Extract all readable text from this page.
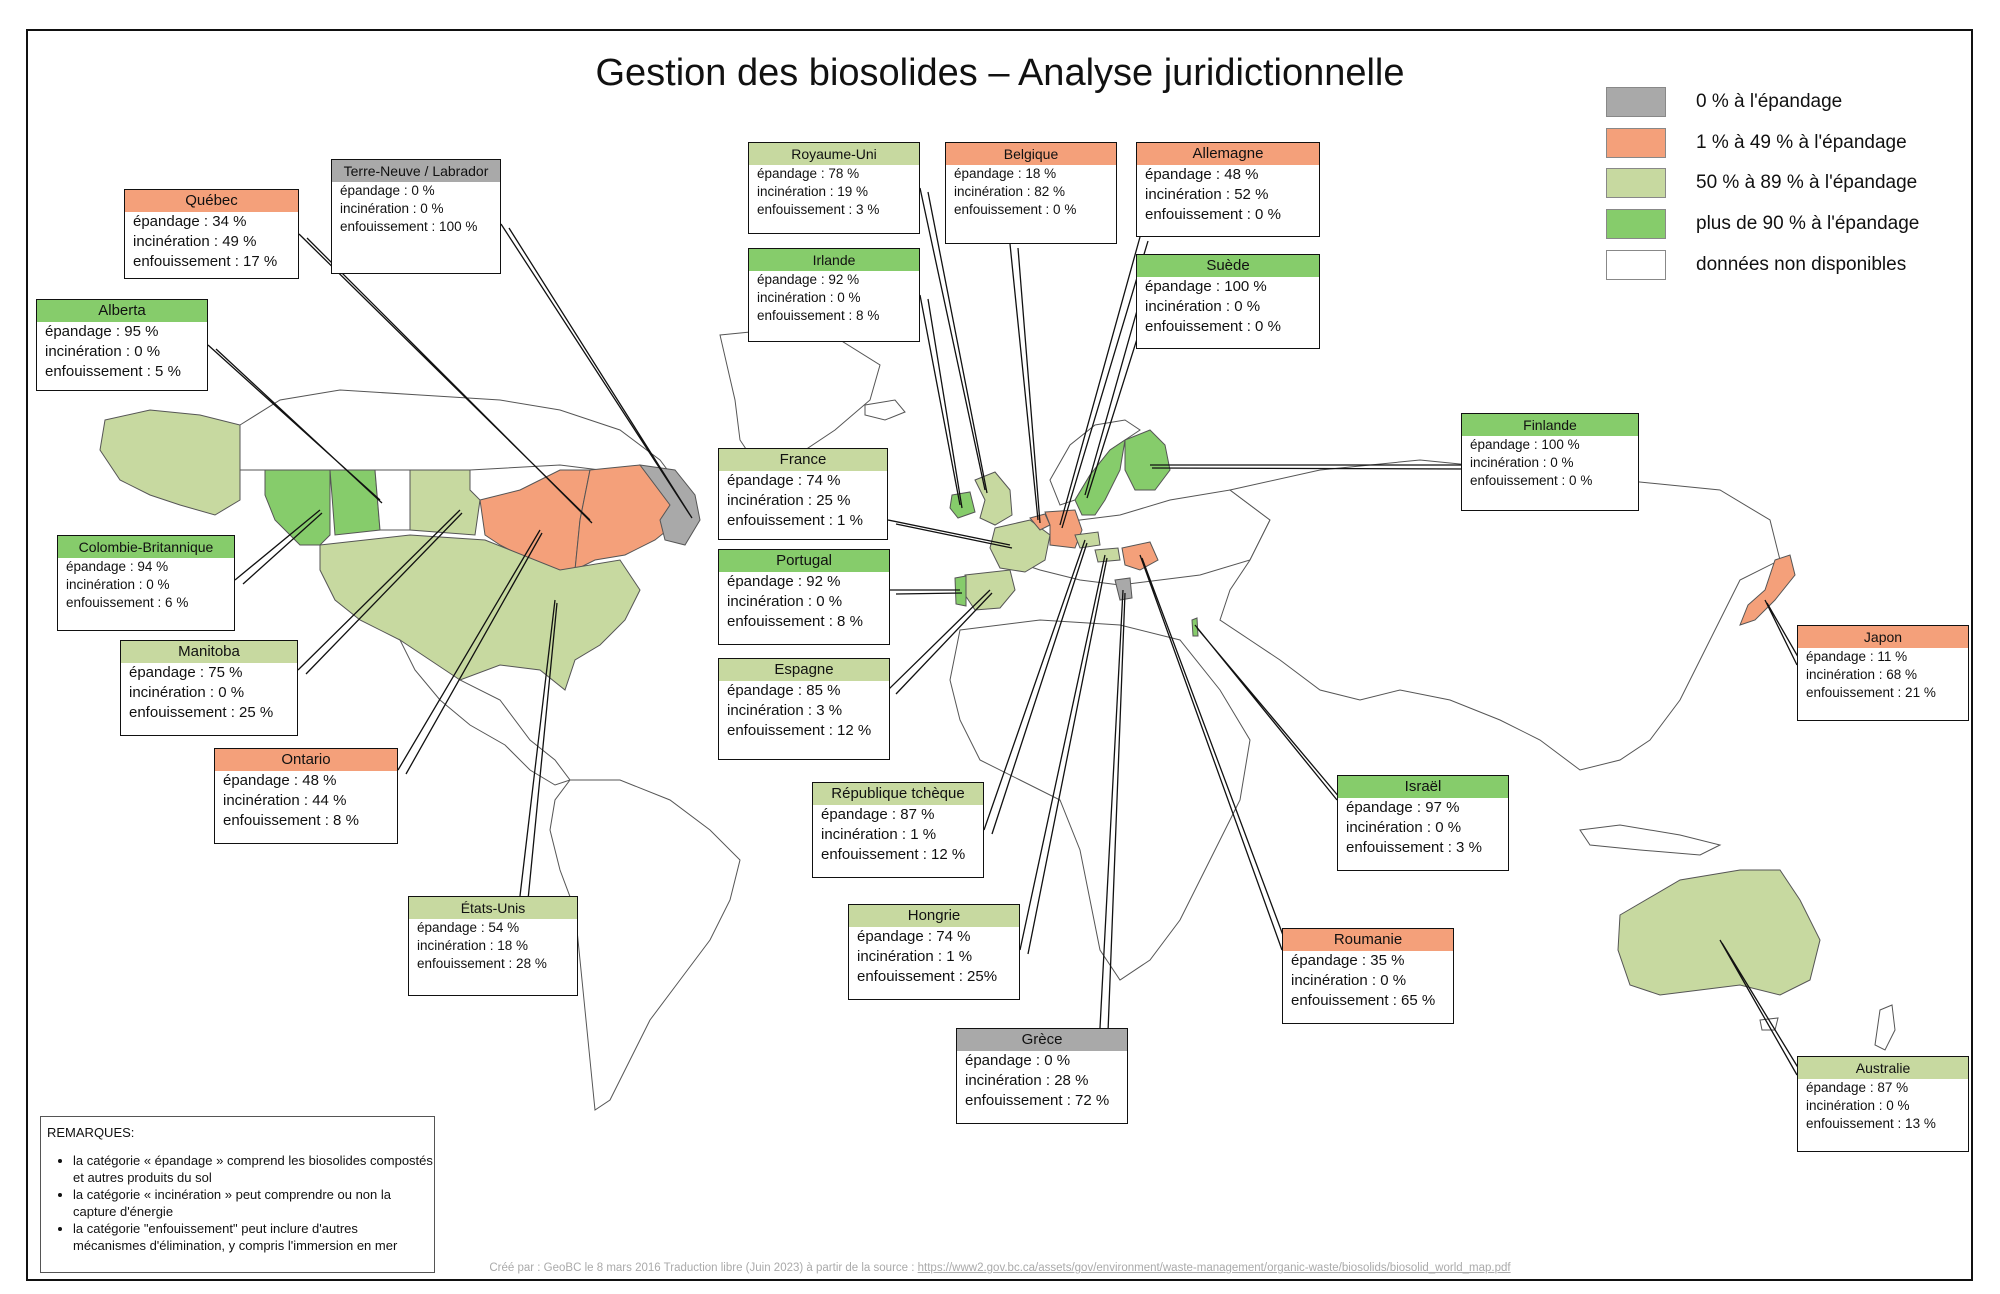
Gestion des biosolides – Analyse juridictionnelle
0 % à l'épandage
1 % à 49 % à l'épandage
50 % à 89 % à l'épandage
plus de 90 % à l'épandage
données non disponibles
Québec
épandage : 34 %
incinération : 49 %
enfouissement : 17 %
Terre-Neuve / Labrador
épandage : 0 %
incinération : 0 %
enfouissement : 100 %
Alberta
épandage : 95 %
incinération : 0 %
enfouissement : 5 %
Colombie-Britannique
épandage : 94 %
incinération : 0 %
enfouissement : 6 %
Manitoba
épandage : 75 %
incinération : 0 %
enfouissement : 25 %
Ontario
épandage : 48 %
incinération : 44 %
enfouissement : 8 %
États-Unis
épandage : 54 %
incinération : 18 %
enfouissement : 28 %
Royaume-Uni
épandage : 78 %
incinération : 19 %
enfouissement : 3 %
Irlande
épandage : 92 %
incinération : 0 %
enfouissement : 8 %
Belgique
épandage : 18 %
incinération : 82 %
enfouissement : 0 %
Allemagne
épandage : 48 %
incinération : 52 %
enfouissement : 0 %
Suède
épandage : 100 %
incinération : 0 %
enfouissement : 0 %
Finlande
épandage : 100 %
incinération : 0 %
enfouissement : 0 %
France
épandage : 74 %
incinération : 25 %
enfouissement : 1 %
Portugal
épandage : 92 %
incinération : 0 %
enfouissement : 8 %
Espagne
épandage : 85 %
incinération : 3 %
enfouissement : 12 %
République tchèque
épandage : 87 %
incinération : 1 %
enfouissement : 12 %
Hongrie
épandage : 74 %
incinération : 1 %
enfouissement : 25%
Grèce
épandage : 0 %
incinération : 28 %
enfouissement : 72 %
Roumanie
épandage : 35 %
incinération : 0 %
enfouissement : 65 %
Israël
épandage : 97 %
incinération : 0 %
enfouissement : 3 %
Japon
épandage : 11 %
incinération : 68 %
enfouissement : 21 %
Australie
épandage : 87 %
incinération : 0 %
enfouissement : 13 %
REMARQUES:
• la catégorie « épandage » comprend les biosolides compostés et autres produits du sol
• la catégorie « incinération » peut comprendre ou non la capture d'énergie
• la catégorie "enfouissement" peut inclure d'autres mécanismes d'élimination, y compris l'immersion en mer
Créé par : GeoBC le 8 mars 2016 Traduction libre (Juin 2023) à partir de la source : https://www2.gov.bc.ca/assets/gov/environment/waste-management/organic-waste/biosolids/biosolid_world_map.pdf
